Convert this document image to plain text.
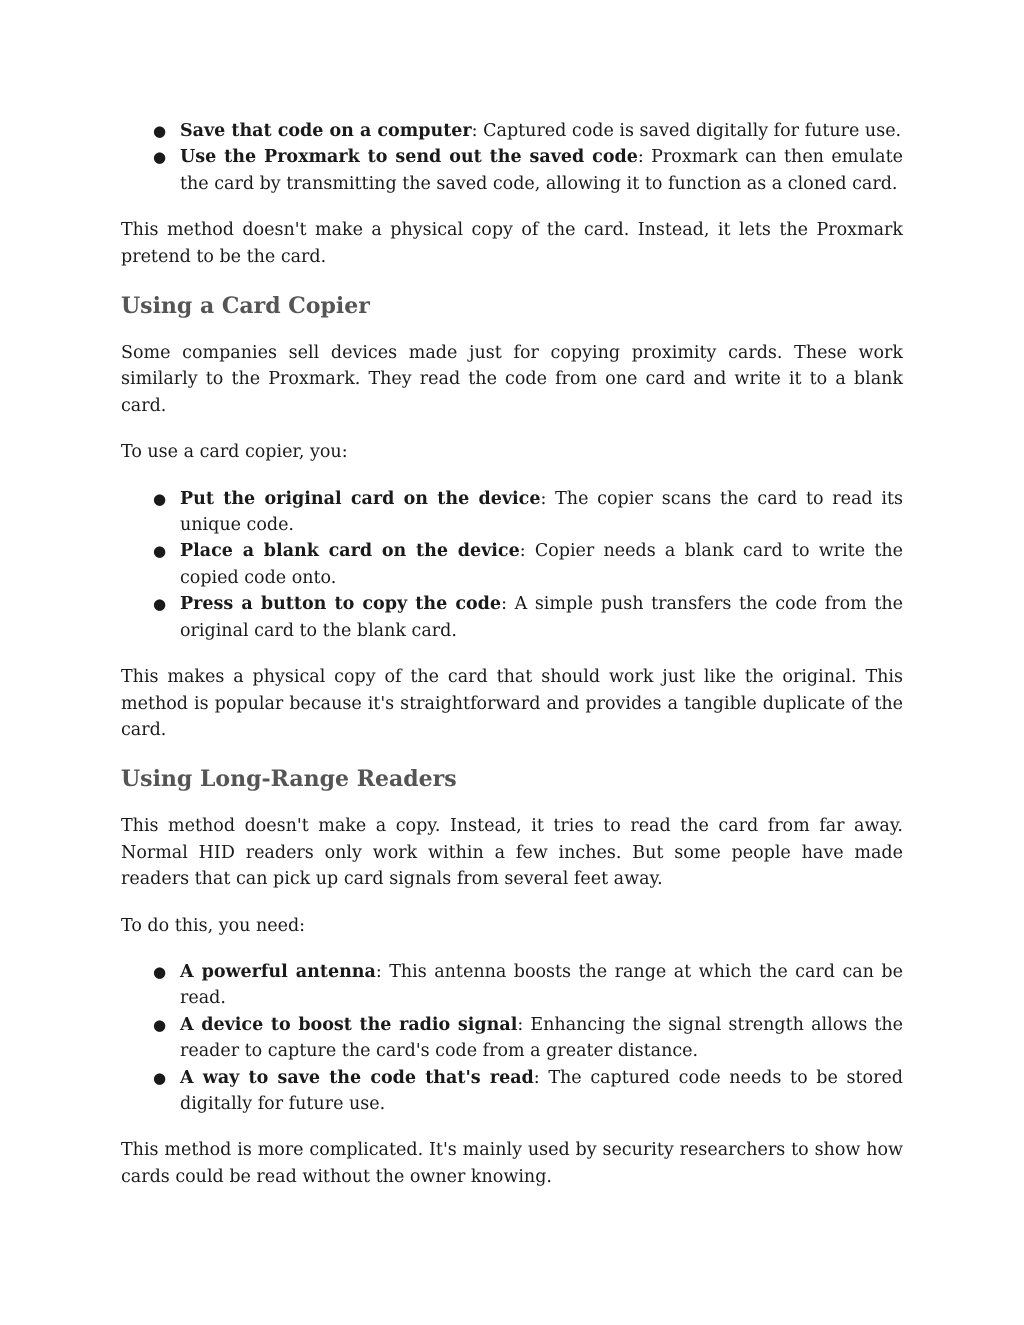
● Save that code on a computer: Captured code is saved digitally for future use.
● Use the Proxmark to send out the saved code: Proxmark can then emulate the card by transmitting the saved code, allowing it to function as a cloned card.

This method doesn't make a physical copy of the card. Instead, it lets the Proxmark pretend to be the card.

Using a Card Copier

Some companies sell devices made just for copying proximity cards. These work similarly to the Proxmark. They read the code from one card and write it to a blank card.

To use a card copier, you:

● Put the original card on the device: The copier scans the card to read its unique code.
● Place a blank card on the device: Copier needs a blank card to write the copied code onto.
● Press a button to copy the code: A simple push transfers the code from the original card to the blank card.

This makes a physical copy of the card that should work just like the original. This method is popular because it's straightforward and provides a tangible duplicate of the card.

Using Long-Range Readers

This method doesn't make a copy. Instead, it tries to read the card from far away. Normal HID readers only work within a few inches. But some people have made readers that can pick up card signals from several feet away.

To do this, you need:

● A powerful antenna: This antenna boosts the range at which the card can be read.
● A device to boost the radio signal: Enhancing the signal strength allows the reader to capture the card's code from a greater distance.
● A way to save the code that's read: The captured code needs to be stored digitally for future use.

This method is more complicated. It's mainly used by security researchers to show how cards could be read without the owner knowing.
